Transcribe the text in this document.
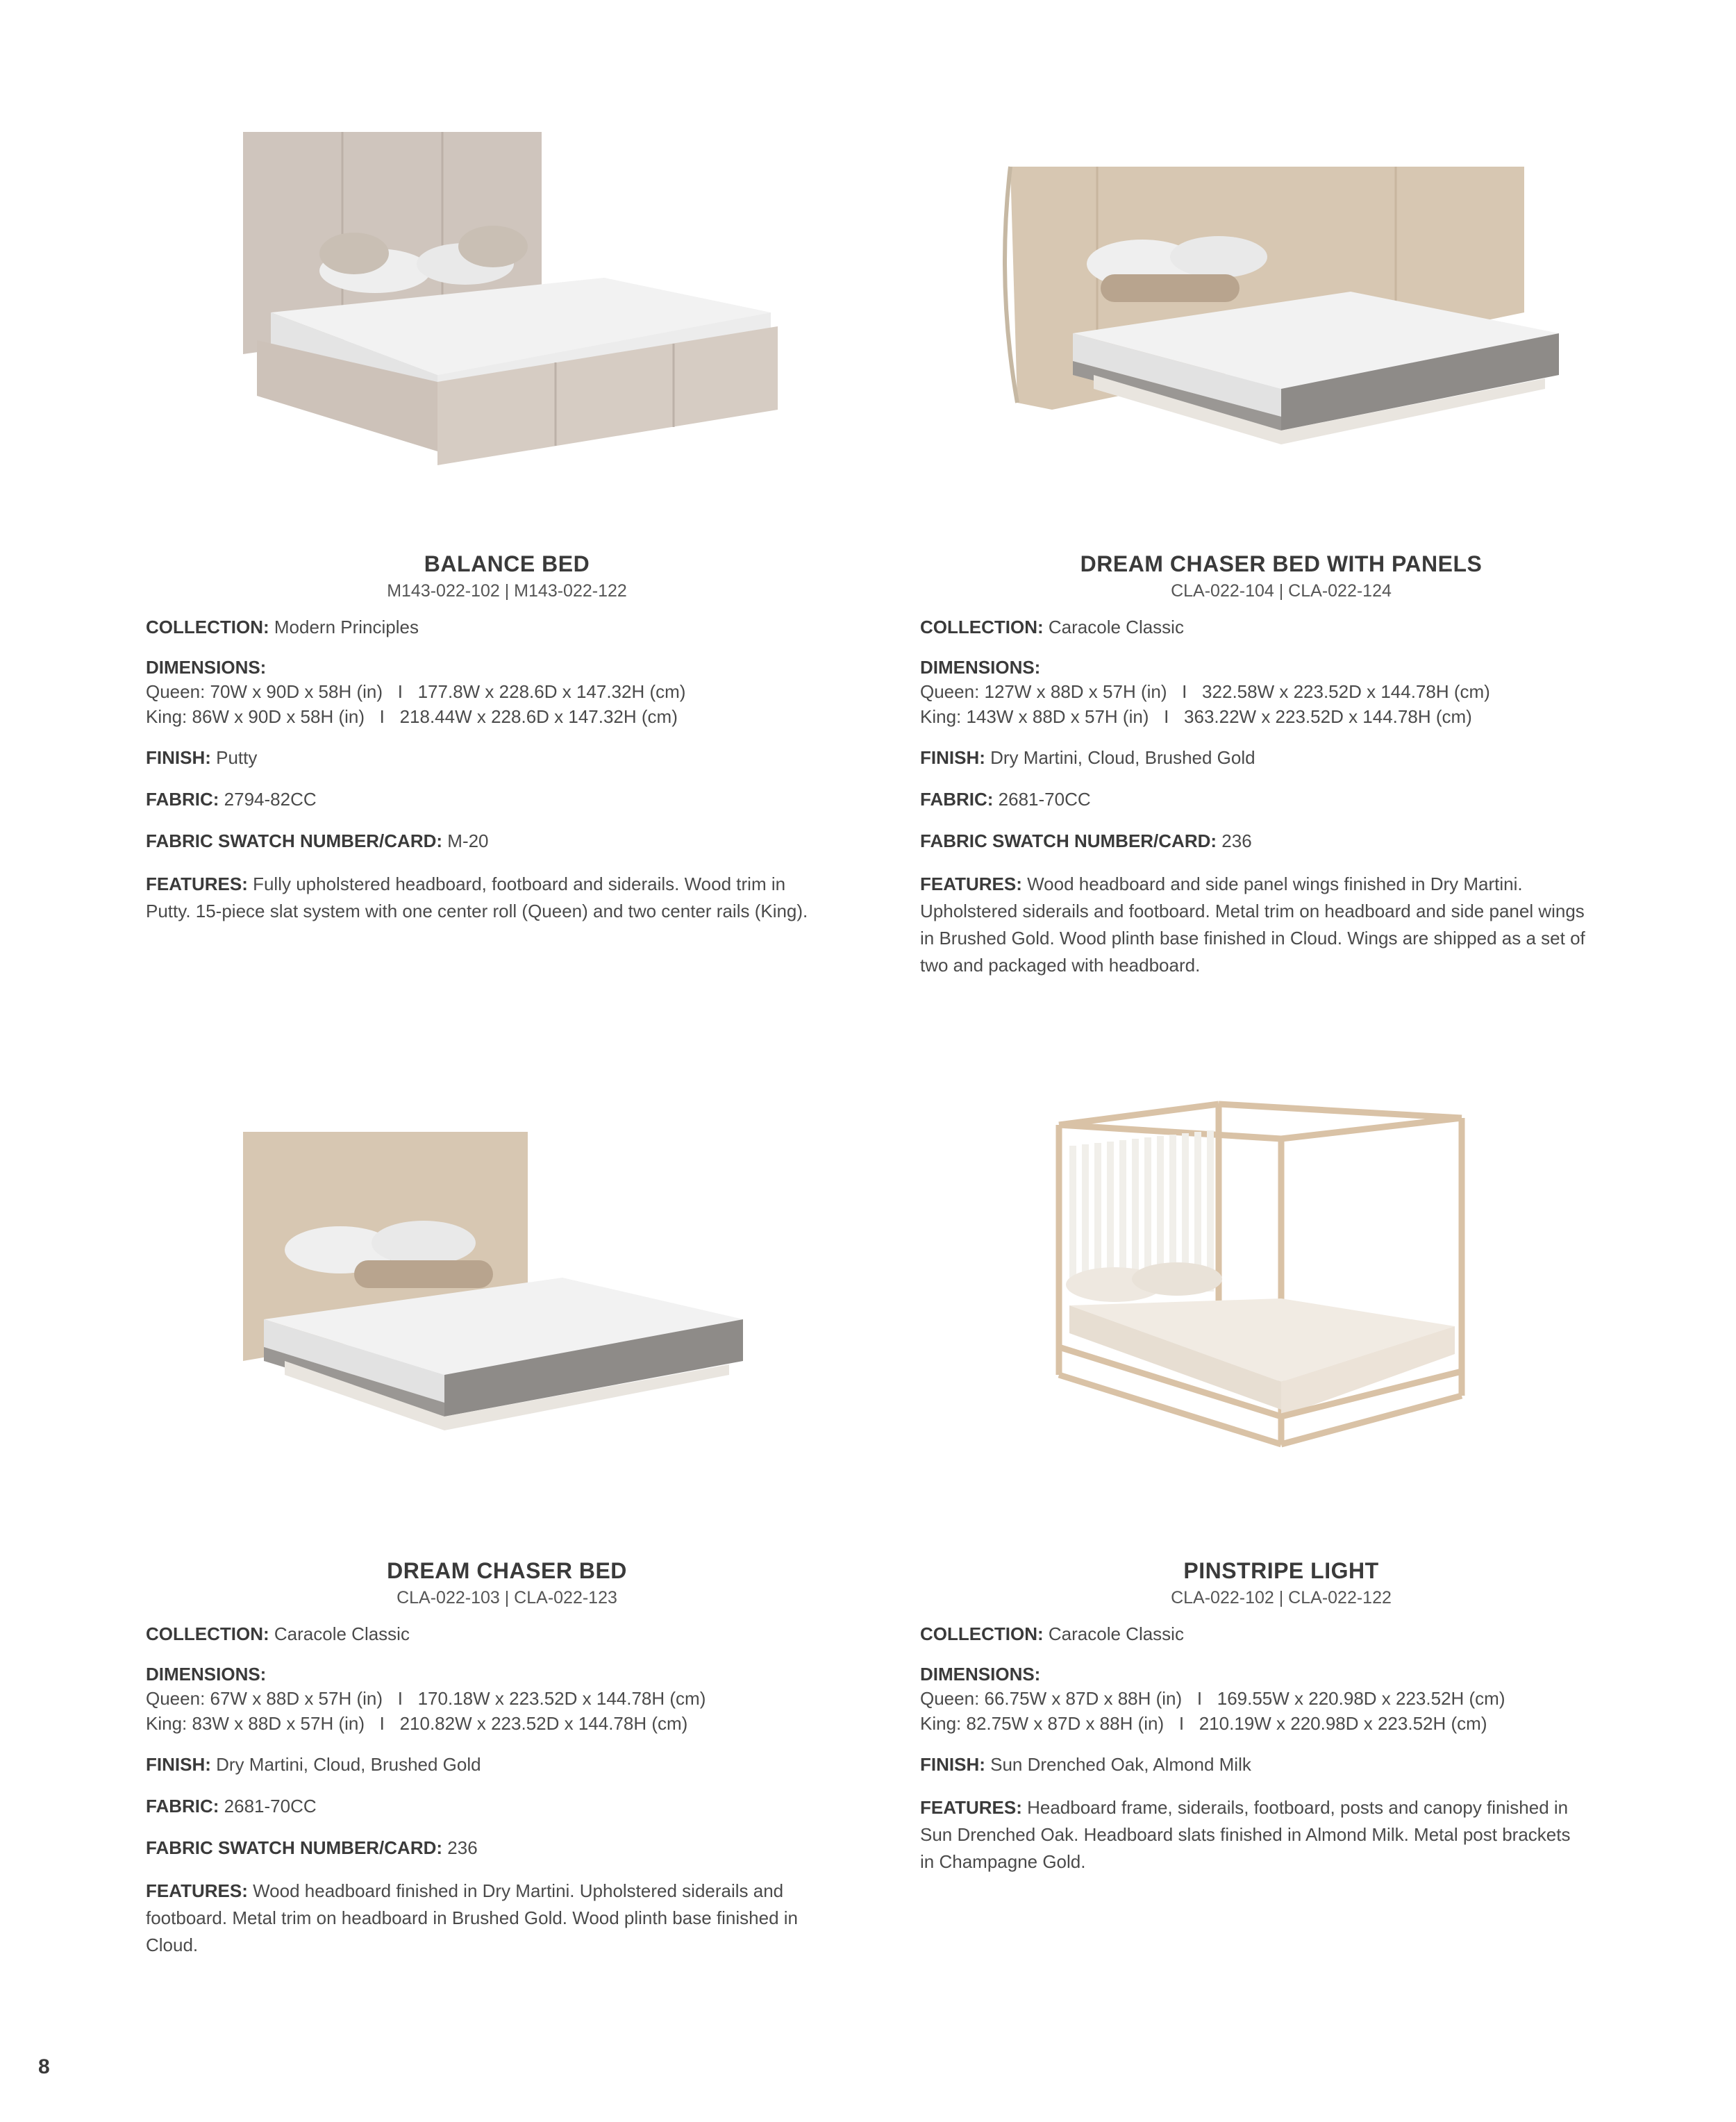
BALANCE BED
M143-022-102 | M143-022-122
COLLECTION: Modern Principles
DIMENSIONS:
Queen: 70W x 90D x 58H (in)   I   177.8W x 228.6D x 147.32H (cm)
King: 86W x 90D x 58H (in)   I   218.44W x 228.6D x 147.32H (cm)
FINISH: Putty
FABRIC: 2794-82CC
FABRIC SWATCH NUMBER/CARD: M-20
FEATURES: Fully upholstered headboard, footboard and siderails. Wood trim in Putty. 15-piece slat system with one center roll (Queen) and two center rails (King).
DREAM CHASER BED WITH PANELS
CLA-022-104 | CLA-022-124
COLLECTION: Caracole Classic
DIMENSIONS:
Queen: 127W x 88D x 57H (in)   I   322.58W x 223.52D x 144.78H (cm)
King: 143W x 88D x 57H (in)   I   363.22W x 223.52D x 144.78H (cm)
FINISH: Dry Martini, Cloud, Brushed Gold
FABRIC: 2681-70CC
FABRIC SWATCH NUMBER/CARD: 236
FEATURES: Wood headboard and side panel wings finished in Dry Martini. Upholstered siderails and footboard. Metal trim on headboard and side panel wings in Brushed Gold. Wood plinth base finished in Cloud. Wings are shipped as a set of two and packaged with headboard.
DREAM CHASER BED
CLA-022-103 | CLA-022-123
COLLECTION: Caracole Classic
DIMENSIONS:
Queen: 67W x 88D x 57H (in)   I   170.18W x 223.52D x 144.78H (cm)
King: 83W x 88D x 57H (in)   I   210.82W x 223.52D x 144.78H (cm)
FINISH: Dry Martini, Cloud, Brushed Gold
FABRIC: 2681-70CC
FABRIC SWATCH NUMBER/CARD: 236
FEATURES: Wood headboard finished in Dry Martini. Upholstered siderails and footboard. Metal trim on headboard in Brushed Gold. Wood plinth base finished in Cloud.
PINSTRIPE LIGHT
CLA-022-102 | CLA-022-122
COLLECTION: Caracole Classic
DIMENSIONS:
Queen: 66.75W x 87D x 88H (in)   I   169.55W x 220.98D x 223.52H (cm)
King: 82.75W x 87D x 88H (in)   I   210.19W x 220.98D x 223.52H (cm)
FINISH: Sun Drenched Oak, Almond Milk
FEATURES: Headboard frame, siderails, footboard, posts and canopy finished in Sun Drenched Oak. Headboard slats finished in Almond Milk. Metal post brackets in Champagne Gold.
8
